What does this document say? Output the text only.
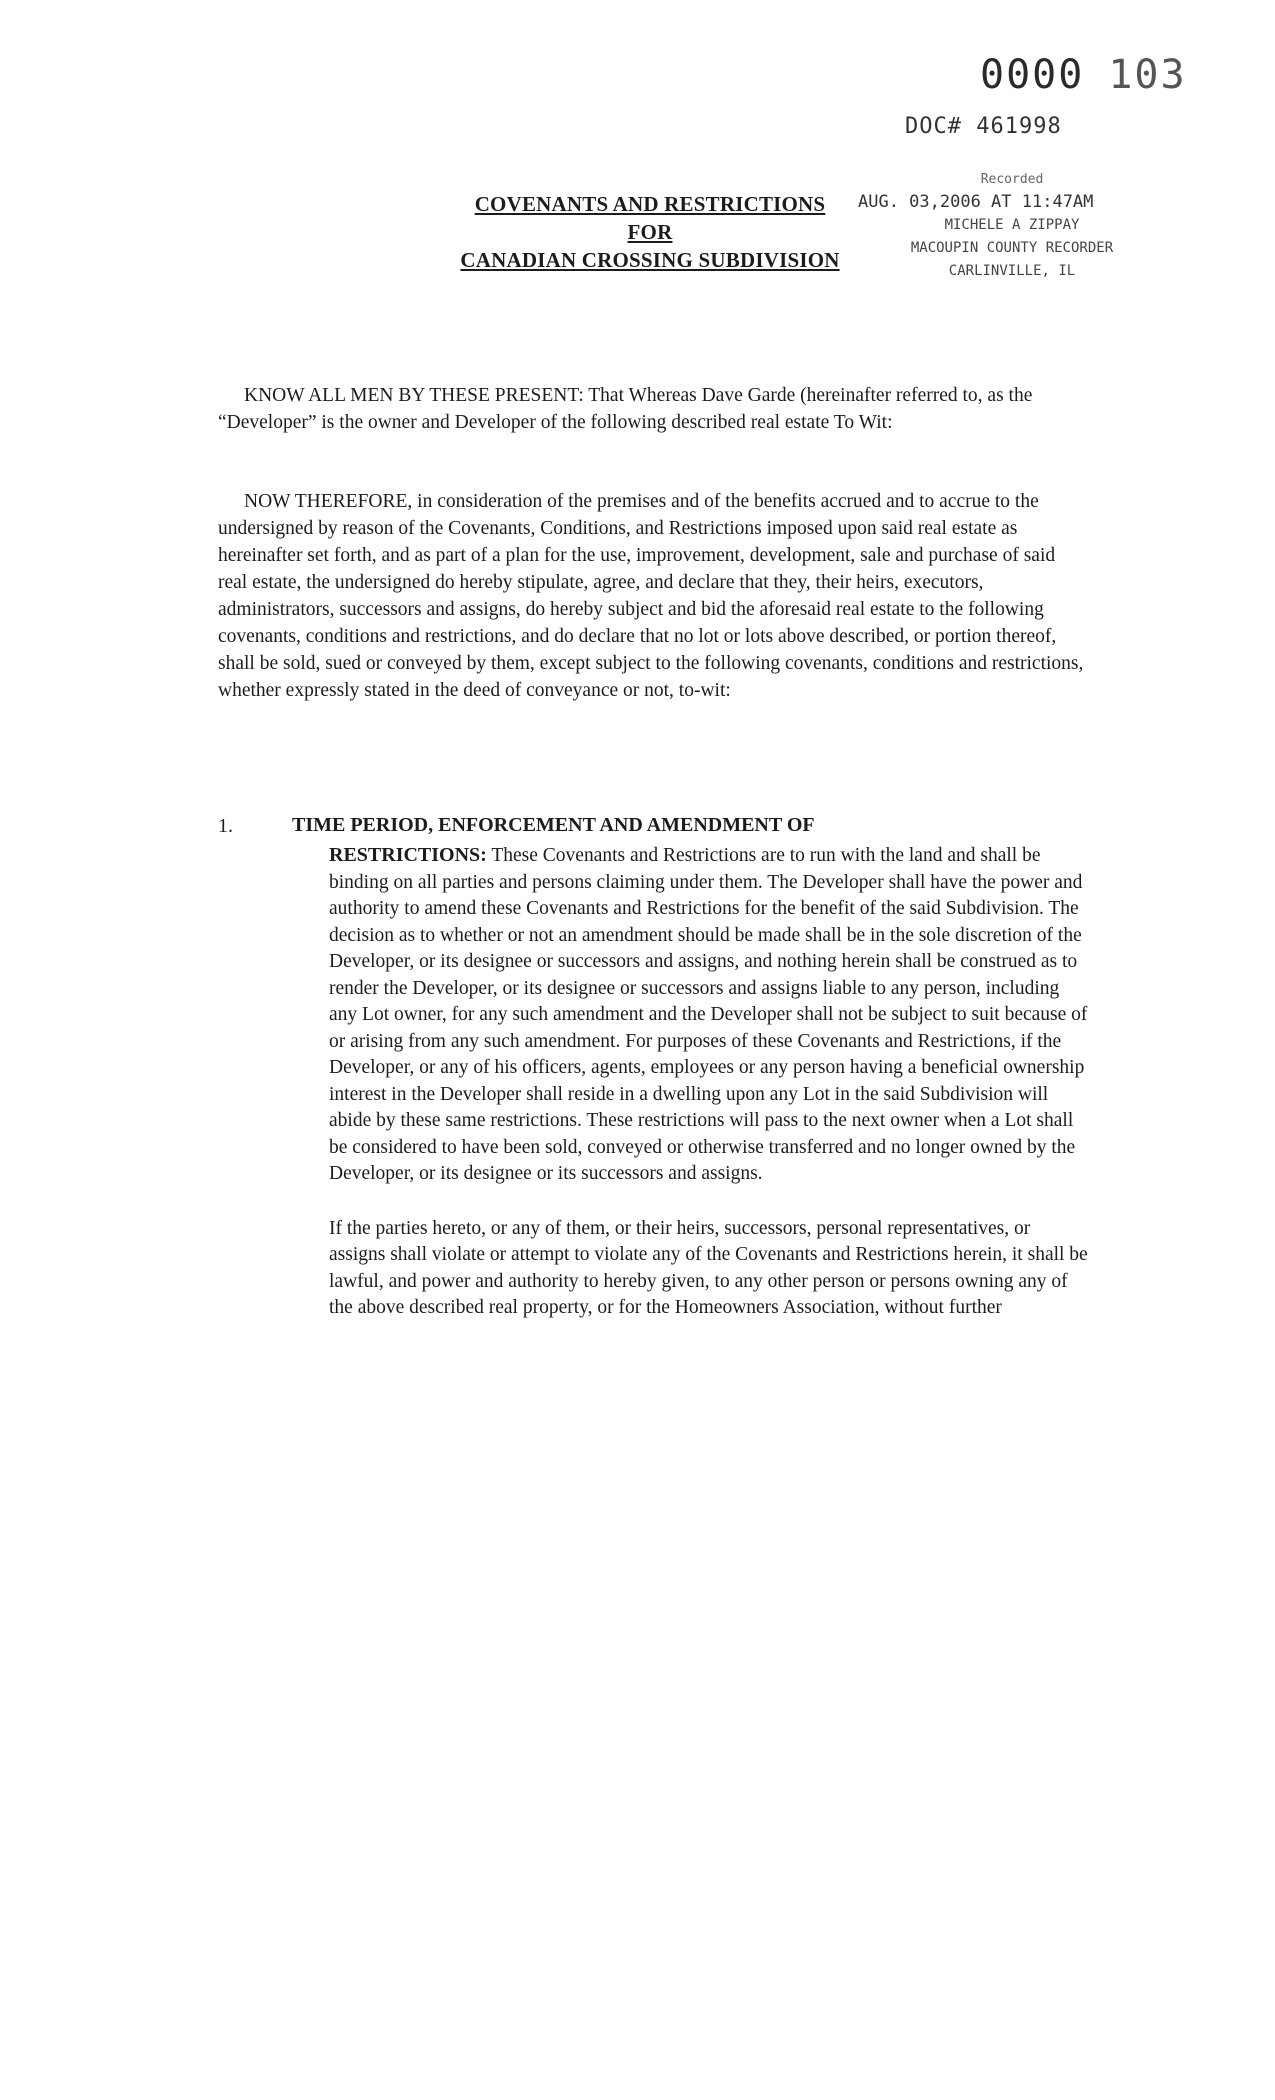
0000 103
DOC# 461998
Recorded
AUG. 03,2006 AT 11:47AM
MICHELE A ZIPPAY
MACOUPIN COUNTY RECORDER
CARLINVILLE, IL
COVENANTS AND RESTRICTIONS
FOR
CANADIAN CROSSING SUBDIVISION

KNOW ALL MEN BY THESE PRESENT: That Whereas Dave Garde (hereinafter referred to, as the “Developer” is the owner and Developer of the following described real estate To Wit:

NOW THEREFORE, in consideration of the premises and of the benefits accrued and to accrue to the undersigned by reason of the Covenants, Conditions, and Restrictions imposed upon said real estate as hereinafter set forth, and as part of a plan for the use, improvement, development, sale and purchase of said real estate, the undersigned do hereby stipulate, agree, and declare that they, their heirs, executors, administrators, successors and assigns, do hereby subject and bid the aforesaid real estate to the following covenants, conditions and restrictions, and do declare that no lot or lots above described, or portion thereof, shall be sold, sued or conveyed by them, except subject to the following covenants, conditions and restrictions, whether expressly stated in the deed of conveyance or not, to-wit:

1.	TIME PERIOD, ENFORCEMENT AND AMENDMENT OF

RESTRICTIONS: These Covenants and Restrictions are to run with the land and shall be binding on all parties and persons claiming under them. The Developer shall have the power and authority to amend these Covenants and Restrictions for the benefit of the said Subdivision. The decision as to whether or not an amendment should be made shall be in the sole discretion of the Developer, or its designee or successors and assigns, and nothing herein shall be construed as to render the Developer, or its designee or successors and assigns liable to any person, including any Lot owner, for any such amendment and the Developer shall not be subject to suit because of or arising from any such amendment. For purposes of these Covenants and Restrictions, if the Developer, or any of his officers, agents, employees or any person having a beneficial ownership interest in the Developer shall reside in a dwelling upon any Lot in the said Subdivision will abide by these same restrictions. These restrictions will pass to the next owner when a Lot shall be considered to have been sold, conveyed or otherwise transferred and no longer owned by the Developer, or its designee or its successors and assigns.

If the parties hereto, or any of them, or their heirs, successors, personal representatives, or assigns shall violate or attempt to violate any of the Covenants and Restrictions herein, it shall be lawful, and power and authority to hereby given, to any other person or persons owning any of the above described real property, or for the Homeowners Association, without further
